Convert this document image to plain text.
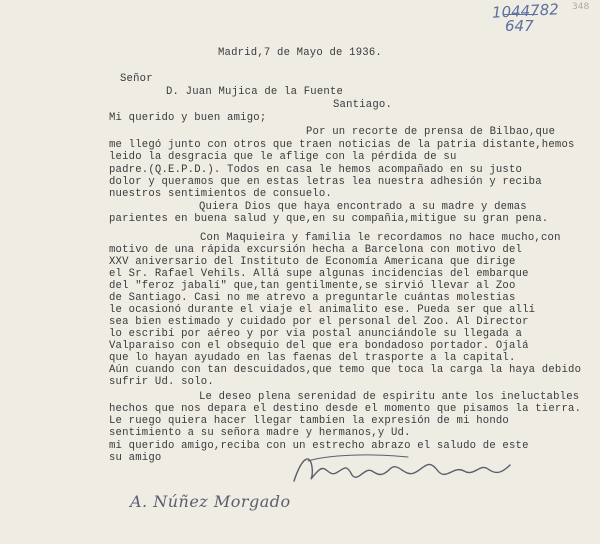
1044782 348
647
Madrid,7 de Mayo de 1936.
Señor
D. Juan Mujica de la Fuente
Santiago.
Mi querido y buen amigo;
Por un recorte de prensa de Bilbao,que
me llegó junto con otros que traen noticias de la patria distante,hemos leido la desgracia que le aflige con la pérdida de su
padre.(Q.E.P.D.). Todos en casa le hemos acompañado en su justo
dolor y queramos que en estas letras lea nuestra adhesión y reciba nuestros sentimientos de consuelo.
Quiera Dios que haya encontrado a su madre y demas parientes en buena salud y que,en su compañia,mitigue su gran pena.
Con Maquieira y familia le recordamos no hace mucho,con
motivo de una rápida excursión hecha a Barcelona con motivo del
XXV aniversario del Instituto de Economía Americana que dirige
el Sr. Rafael Vehils. Allá supe algunas incidencias del embarque
del "feroz jabalí" que,tan gentilmente,se sirvió llevar al Zoo
de Santiago. Casi no me atrevo a preguntarle cuántas molestias
le ocasionó durante el viaje el animalito ese. Pueda ser que allí
sea bien estimado y cuidado por el personal del Zoo. Al Director
lo escribí por aéreo y por via postal anunciándole su llegada a
Valparaiso con el obsequio del que era bondadoso portador. Ojalá
que lo hayan ayudado en las faenas del trasporte a la capital.
Aún cuando con tan descuidados,que temo que toca la carga la haya debido sufrir Ud. solo.
Le deseo plena serenidad de espiritu ante los ineluctables hechos que nos depara el destino desde el momento que pisamos la tierra. Le ruego quiera hacer llegar tambien la expresión de mi hondo sentimiento a su señora madre y hermanos,y Ud.
mi querido amigo,reciba con un estrecho abrazo el saludo de este
su amigo
A. Núñez Morgado
